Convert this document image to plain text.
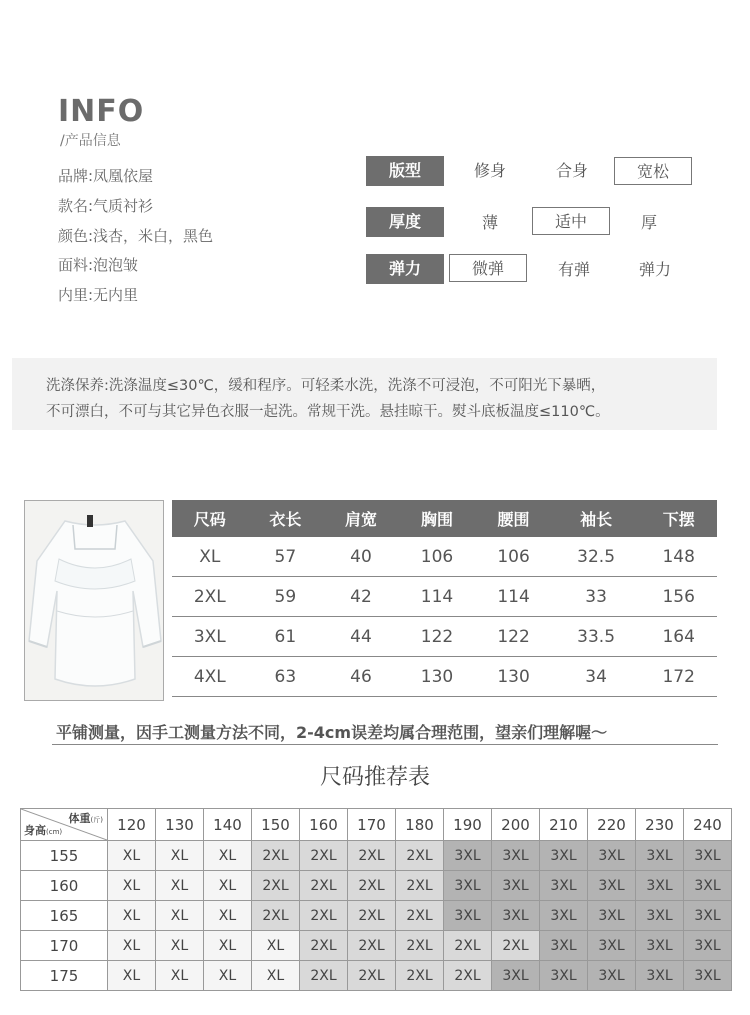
INFO
/产品信息
品牌:凤凰依屋
款名:气质衬衫
颜色:浅杏，米白，黑色
面料:泡泡皱
内里:无内里
版型	修身	合身	宽松
厚度	薄	适中	厚
弹力	微弹	有弹	弹力
洗涤保养:洗涤温度≤30℃，缓和程序。可轻柔水洗，洗涤不可浸泡，不可阳光下暴晒，
不可漂白，不可与其它异色衣服一起洗。常规干洗。悬挂晾干。熨斗底板温度≤110℃。
尺码	衣长	肩宽	胸围	腰围	袖长	下摆
XL	57	40	106	106	32.5	148
2XL	59	42	114	114	33	156
3XL	61	44	122	122	33.5	164
4XL	63	46	130	130	34	172
平铺测量，因手工测量方法不同，2-4cm误差均属合理范围，望亲们理解喔～
尺码推荐表
体重(斤)
身高(cm)	120	130	140	150	160	170	180	190	200	210	220	230	240
155	XL	XL	XL	2XL	2XL	2XL	2XL	3XL	3XL	3XL	3XL	3XL	3XL
160	XL	XL	XL	2XL	2XL	2XL	2XL	3XL	3XL	3XL	3XL	3XL	3XL
165	XL	XL	XL	2XL	2XL	2XL	2XL	3XL	3XL	3XL	3XL	3XL	3XL
170	XL	XL	XL	XL	2XL	2XL	2XL	2XL	2XL	3XL	3XL	3XL	3XL
175	XL	XL	XL	XL	2XL	2XL	2XL	2XL	3XL	3XL	3XL	3XL	3XL
